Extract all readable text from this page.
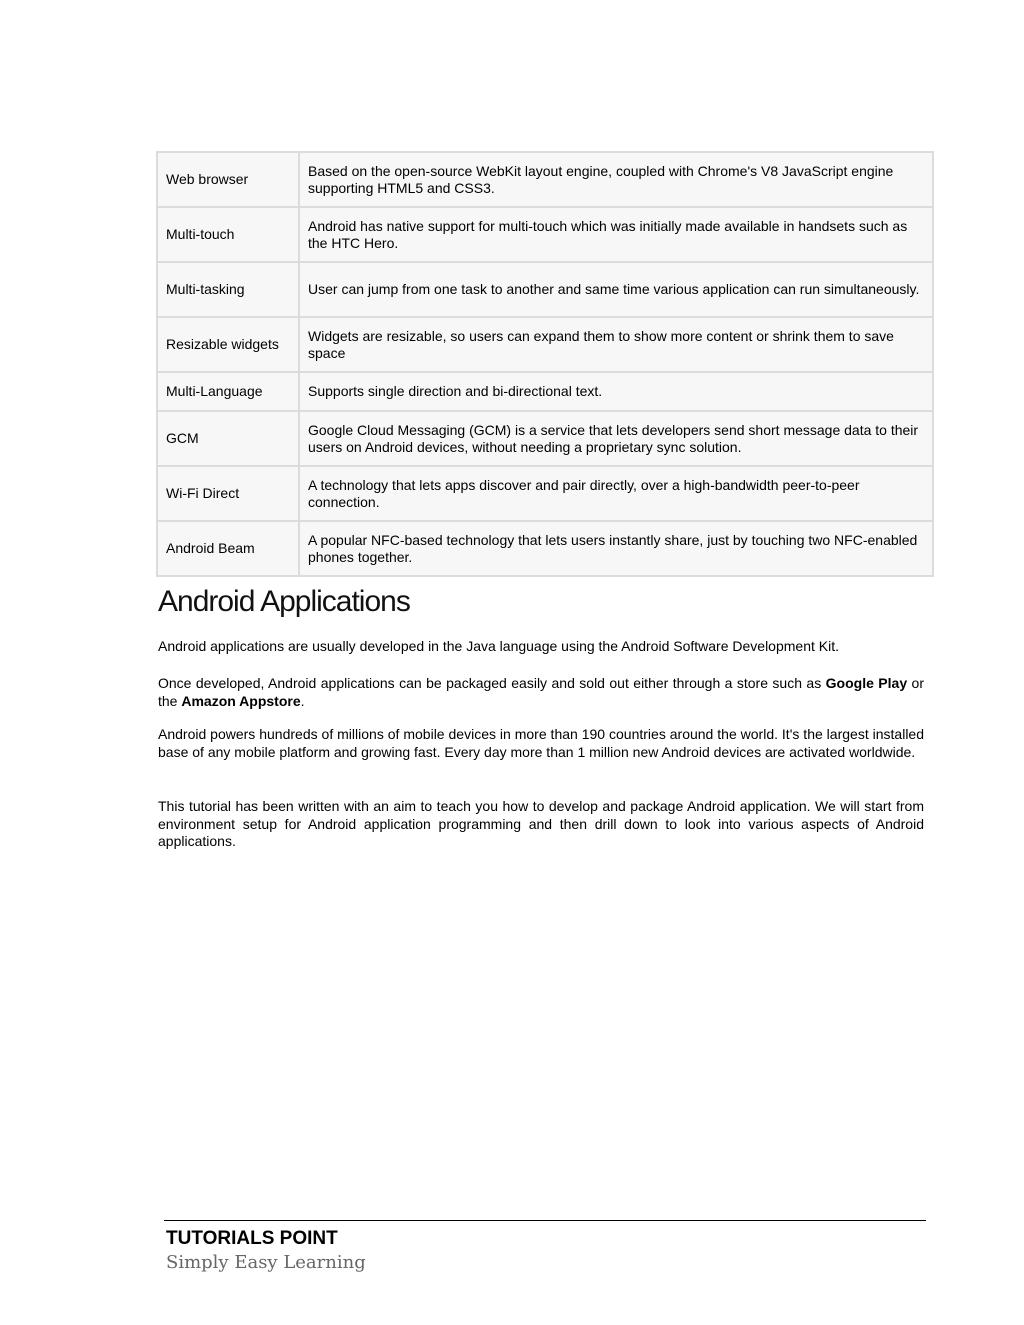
Web browser	Based on the open-source WebKit layout engine, coupled with Chrome's V8 JavaScript engine supporting HTML5 and CSS3.
Multi-touch	Android has native support for multi-touch which was initially made available in handsets such as the HTC Hero.
Multi-tasking	User can jump from one task to another and same time various application can run simultaneously.
Resizable widgets	Widgets are resizable, so users can expand them to show more content or shrink them to save space
Multi-Language	Supports single direction and bi-directional text.
GCM	Google Cloud Messaging (GCM) is a service that lets developers send short message data to their users on Android devices, without needing a proprietary sync solution.
Wi-Fi Direct	A technology that lets apps discover and pair directly, over a high-bandwidth peer-to-peer connection.
Android Beam	A popular NFC-based technology that lets users instantly share, just by touching two NFC-enabled phones together.
Android Applications

Android applications are usually developed in the Java language using the Android Software Development Kit.

Once developed, Android applications can be packaged easily and sold out either through a store such as Google Play or the Amazon Appstore.

Android powers hundreds of millions of mobile devices in more than 190 countries around the world. It's the largest installed base of any mobile platform and growing fast. Every day more than 1 million new Android devices are activated worldwide.

This tutorial has been written with an aim to teach you how to develop and package Android application. We will start from environment setup for Android application programming and then drill down to look into various aspects of Android applications.

TUTORIALS POINT
Simply Easy Learning
